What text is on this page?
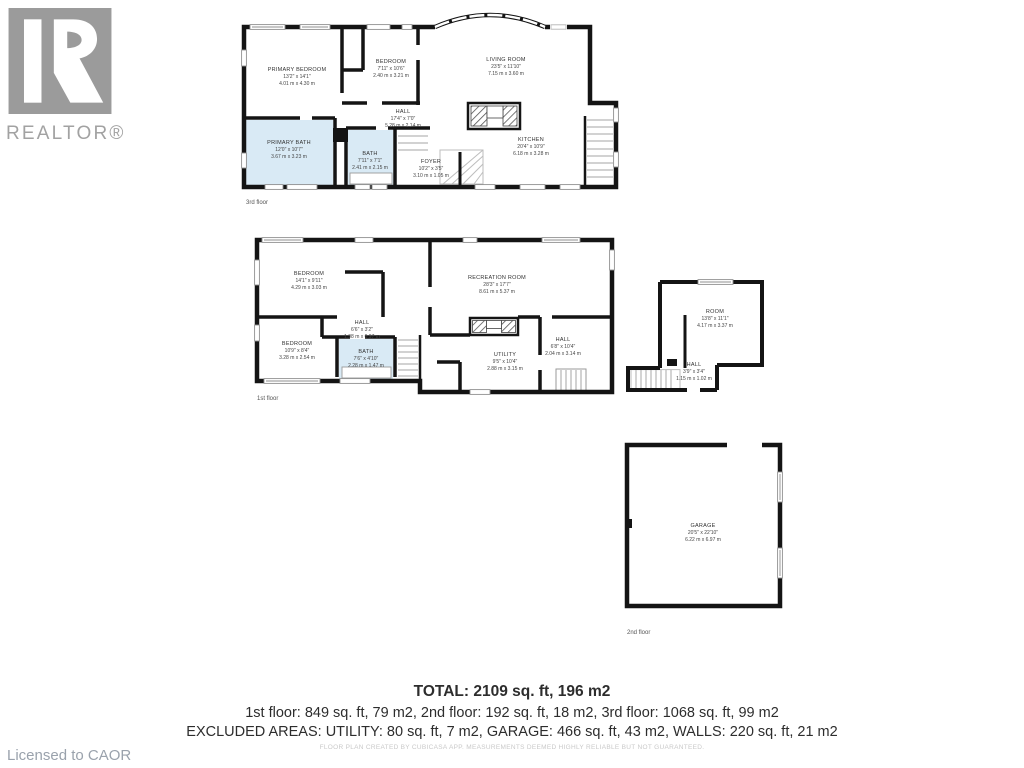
REALTOR®
PRIMARY BEDROOM
13'2" x 14'1"
4.01 m x 4.30 m
BEDROOM
7'11" x 10'6"
2.40 m x 3.21 m
LIVING ROOM
23'5" x 11'10"
7.15 m x 3.60 m
HALL
17'4" x 7'0"
5.28 m x 2.14 m
PRIMARY BATH
12'0" x 10'7"
3.67 m x 3.23 m	BATH
7'11" x 7'1"
2.41 m x 2.15 m
FOYER
10'2" x 3'5"
3.10 m x 1.05 m
KITCHEN
20'4" x 10'9"
6.18 m x 3.28 m
BEDROOM
14'1" x 9'11"
4.29 m x 3.03 m
RECREATION ROOM
28'3" x 17'7"
8.61 m x 5.37 m
HALL
6'6" x 3'2"
1.98 m x 0.97 m
BEDROOM
10'9" x 8'4"
3.28 m x 2.54 m
BATH
7'6" x 4'10"
2.28 m x 1.47 m
UTILITY
9'5" x 10'4"
2.88 m x 3.15 m
HALL
6'8" x 10'4"
2.04 m x 3.14 m
ROOM
13'8" x 11'1"
4.17 m x 3.37 m
HALL
3'9" x 3'4"
1.15 m x 1.02 m
GARAGE
20'5" x 22'10"
6.22 m x 6.97 m
3rd floor
1st floor
2nd floor
TOTAL: 2109 sq. ft, 196 m2
1st floor: 849 sq. ft, 79 m2, 2nd floor: 192 sq. ft, 18 m2, 3rd floor: 1068 sq. ft, 99 m2
EXCLUDED AREAS: UTILITY: 80 sq. ft, 7 m2, GARAGE: 466 sq. ft, 43 m2, WALLS: 220 sq. ft, 21 m2
FLOOR PLAN CREATED BY CUBICASA APP. MEASUREMENTS DEEMED HIGHLY RELIABLE BUT NOT GUARANTEED.
Licensed to CAOR
